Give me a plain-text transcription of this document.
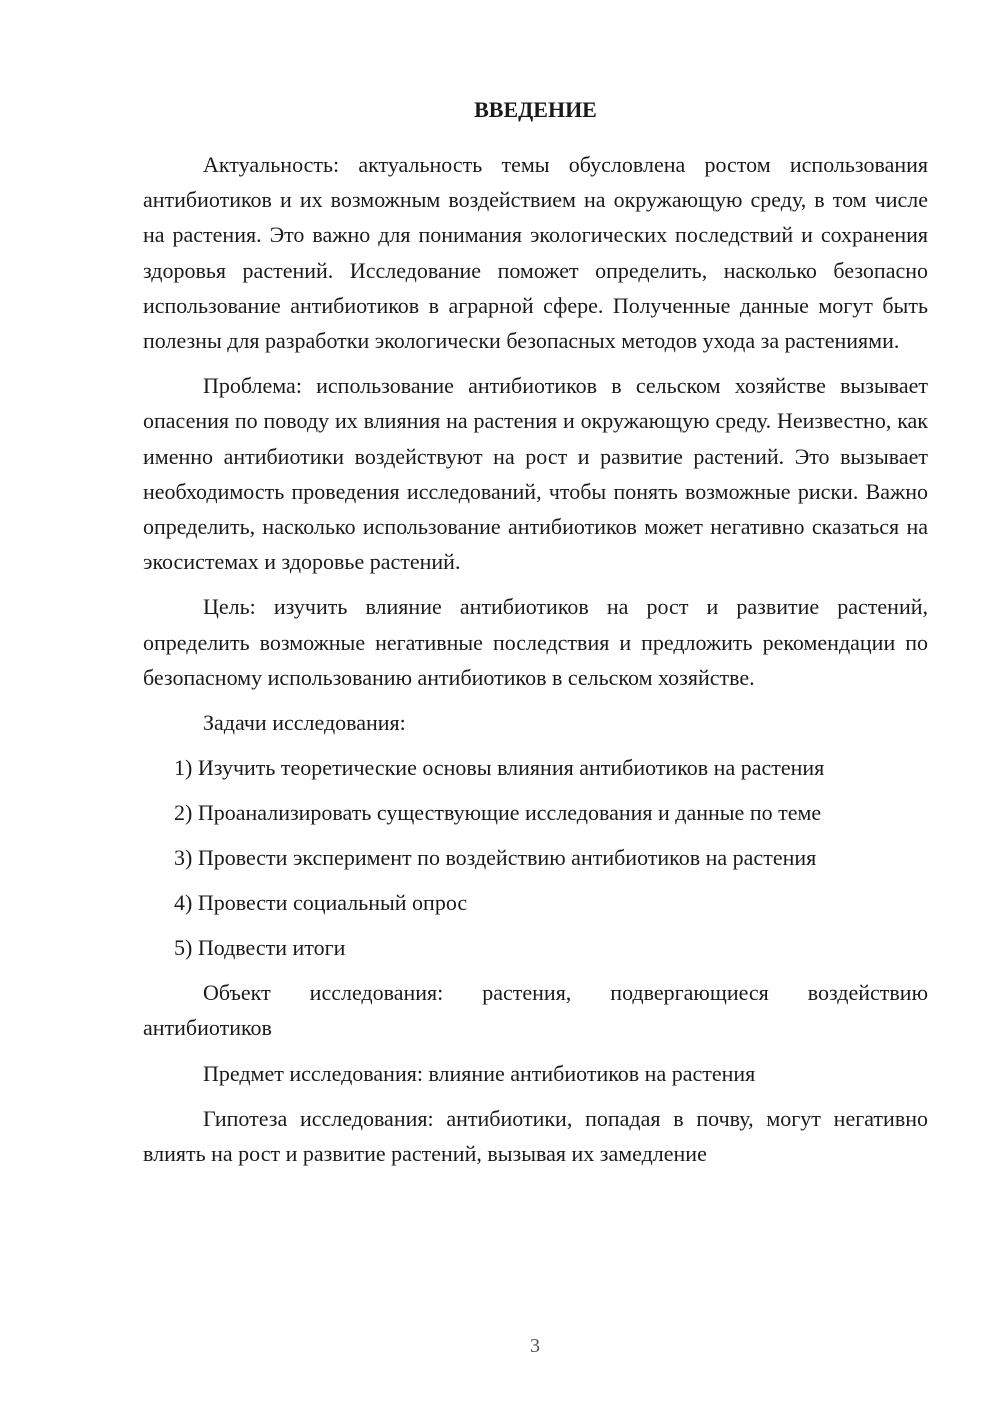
ВВЕДЕНИЕ

Актуальность: актуальность темы обусловлена ростом использования антибиотиков и их возможным воздействием на окружающую среду, в том числе на растения. Это важно для понимания экологических последствий и сохранения здоровья растений. Исследование поможет определить, насколько безопасно использование антибиотиков в аграрной сфере. Полученные данные могут быть полезны для разработки экологически безопасных методов ухода за растениями.

Проблема: использование антибиотиков в сельском хозяйстве вызывает опасения по поводу их влияния на растения и окружающую среду. Неизвестно, как именно антибиотики воздействуют на рост и развитие растений. Это вызывает необходимость проведения исследований, чтобы понять возможные риски. Важно определить, насколько использование антибиотиков может негативно сказаться на экосистемах и здоровье растений.

Цель: изучить влияние антибиотиков на рост и развитие растений, определить возможные негативные последствия и предложить рекомендации по безопасному использованию антибиотиков в сельском хозяйстве.

Задачи исследования:

1) Изучить теоретические основы влияния антибиотиков на растения
2) Проанализировать существующие исследования и данные по теме
3) Провести эксперимент по воздействию антибиотиков на растения
4) Провести социальный опрос
5) Подвести итоги

Объект исследования: растения, подвергающиеся воздействию антибиотиков

Предмет исследования: влияние антибиотиков на растения

Гипотеза исследования: антибиотики, попадая в почву, могут негативно влиять на рост и развитие растений, вызывая их замедление

3
